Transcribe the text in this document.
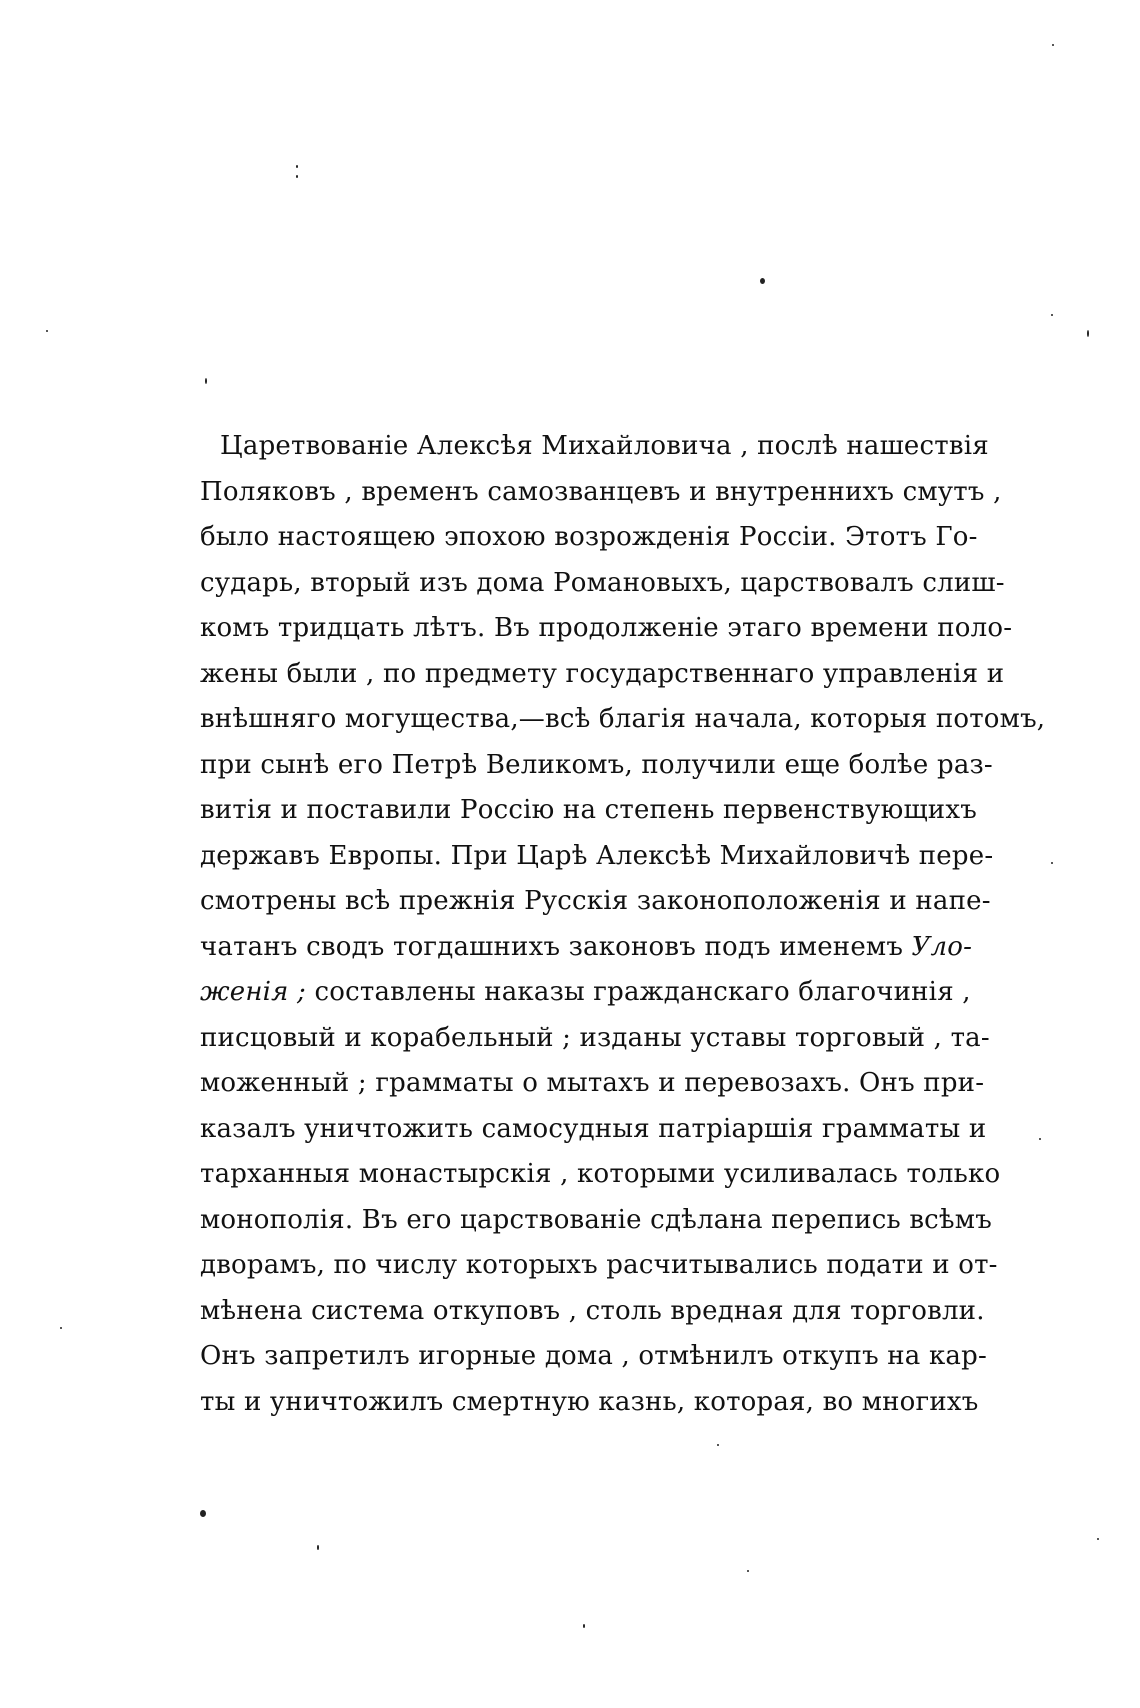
Царетвованіе Алексѣя Михайловича , послѣ нашествія
Поляковъ , временъ самозванцевъ и внутреннихъ смутъ ,
было настоящею эпохою возрожденія Россіи. Этотъ Го-
сударь, вторый изъ дома Романовыхъ, царствовалъ слиш-
комъ тридцать лѣтъ. Въ продолженіе этаго времени поло-
жены были , по предмету государственнаго управленія и
внѣшняго могущества,—всѣ благія начала, которыя потомъ,
при сынѣ его Петрѣ Великомъ, получили еще болѣе раз-
витія и поставили Россію на степень первенствующихъ
державъ Европы. При Царѣ Алексѣѣ Михайловичѣ пере-
смотрены всѣ прежнія Русскія законоположенія и напе-
чатанъ сводъ тогдашнихъ законовъ подъ именемъ Уло-
женія ; составлены наказы гражданскаго благочинія ,
писцовый и корабельный ; изданы уставы торговый , та-
моженный ; грамматы о мытахъ и перевозахъ. Онъ при-
казалъ уничтожить самосудныя патріаршія грамматы и
тарханныя монастырскія , которыми усиливалась только
монополія. Въ его царствованіе сдѣлана перепись всѣмъ
дворамъ, по числу которыхъ расчитывались подати и от-
мѣнена система откуповъ , столь вредная для торговли.
Онъ запретилъ игорные дома , отмѣнилъ откупъ на кар-
ты и уничтожилъ смертную казнь, которая, во многихъ
